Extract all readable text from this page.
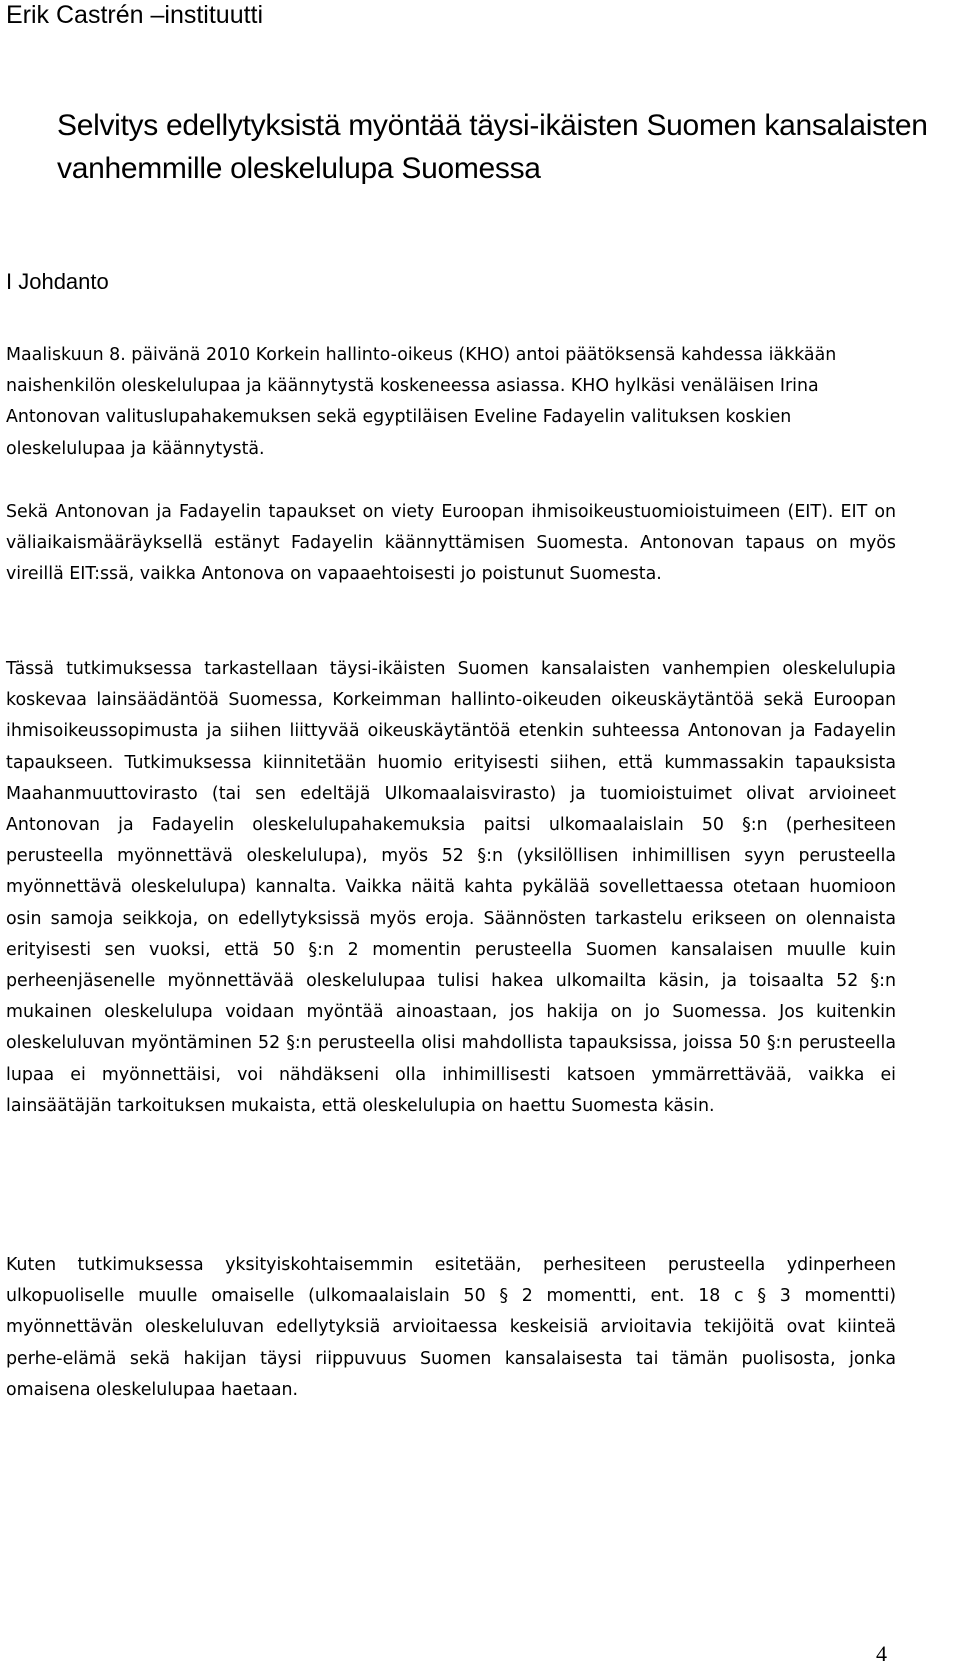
Erik Castrén –instituutti

Selvitys edellytyksistä myöntää täysi-ikäisten Suomen kansalaisten vanhemmille oleskelulupa Suomessa
I Johdanto

Maaliskuun 8. päivänä 2010 Korkein hallinto-oikeus (KHO) antoi päätöksensä kahdessa iäkkään naishenkilön oleskelulupaa ja käännytystä koskeneessa asiassa. KHO hylkäsi venäläisen Irina Antonovan valituslupahakemuksen sekä egyptiläisen Eveline Fadayelin valituksen koskien oleskelulupaa ja käännytystä.

Sekä Antonovan ja Fadayelin tapaukset on viety Euroopan ihmisoikeustuomioistuimeen (EIT). EIT on väliaikaismääräyksellä estänyt Fadayelin käännyttämisen Suomesta. Antonovan tapaus on myös vireillä EIT:ssä, vaikka Antonova on vapaaehtoisesti jo poistunut Suomesta.

Tässä tutkimuksessa tarkastellaan täysi-ikäisten Suomen kansalaisten vanhempien oleskelulupia koskevaa lainsäädäntöä Suomessa, Korkeimman hallinto-oikeuden oikeuskäytäntöä sekä Euroopan ihmisoikeussopimusta ja siihen liittyvää oikeuskäytäntöä etenkin suhteessa Antonovan ja Fadayelin tapaukseen. Tutkimuksessa kiinnitetään huomio erityisesti siihen, että kummassakin tapauksista Maahanmuuttovirasto (tai sen edeltäjä Ulkomaalaisvirasto) ja tuomioistuimet olivat arvioineet Antonovan ja Fadayelin oleskelulupahakemuksia paitsi ulkomaalaislain 50 §:n (perhesiteen perusteella myönnettävä oleskelulupa), myös 52 §:n (yksilöllisen inhimillisen syyn perusteella myönnettävä oleskelulupa) kannalta. Vaikka näitä kahta pykälää sovellettaessa otetaan huomioon osin samoja seikkoja, on edellytyksissä myös eroja. Säännösten tarkastelu erikseen on olennaista erityisesti sen vuoksi, että 50 §:n 2 momentin perusteella Suomen kansalaisen muulle kuin perheenjäsenelle myönnettävää oleskelulupaa tulisi hakea ulkomailta käsin, ja toisaalta 52 §:n mukainen oleskelulupa voidaan myöntää ainoastaan, jos hakija on jo Suomessa. Jos kuitenkin oleskeluluvan myöntäminen 52 §:n perusteella olisi mahdollista tapauksissa, joissa 50 §:n perusteella lupaa ei myönnettäisi, voi nähdäkseni olla inhimillisesti katsoen ymmärrettävää, vaikka ei lainsäätäjän tarkoituksen mukaista, että oleskelulupia on haettu Suomesta käsin.

Kuten tutkimuksessa yksityiskohtaisemmin esitetään, perhesiteen perusteella ydinperheen ulkopuoliselle muulle omaiselle (ulkomaalaislain 50 § 2 momentti, ent. 18 c § 3 momentti) myönnettävän oleskeluluvan edellytyksiä arvioitaessa keskeisiä arvioitavia tekijöitä ovat kiinteä perhe-elämä sekä hakijan täysi riippuvuus Suomen kansalaisesta tai tämän puolisosta, jonka omaisena oleskelulupaa haetaan.

4
